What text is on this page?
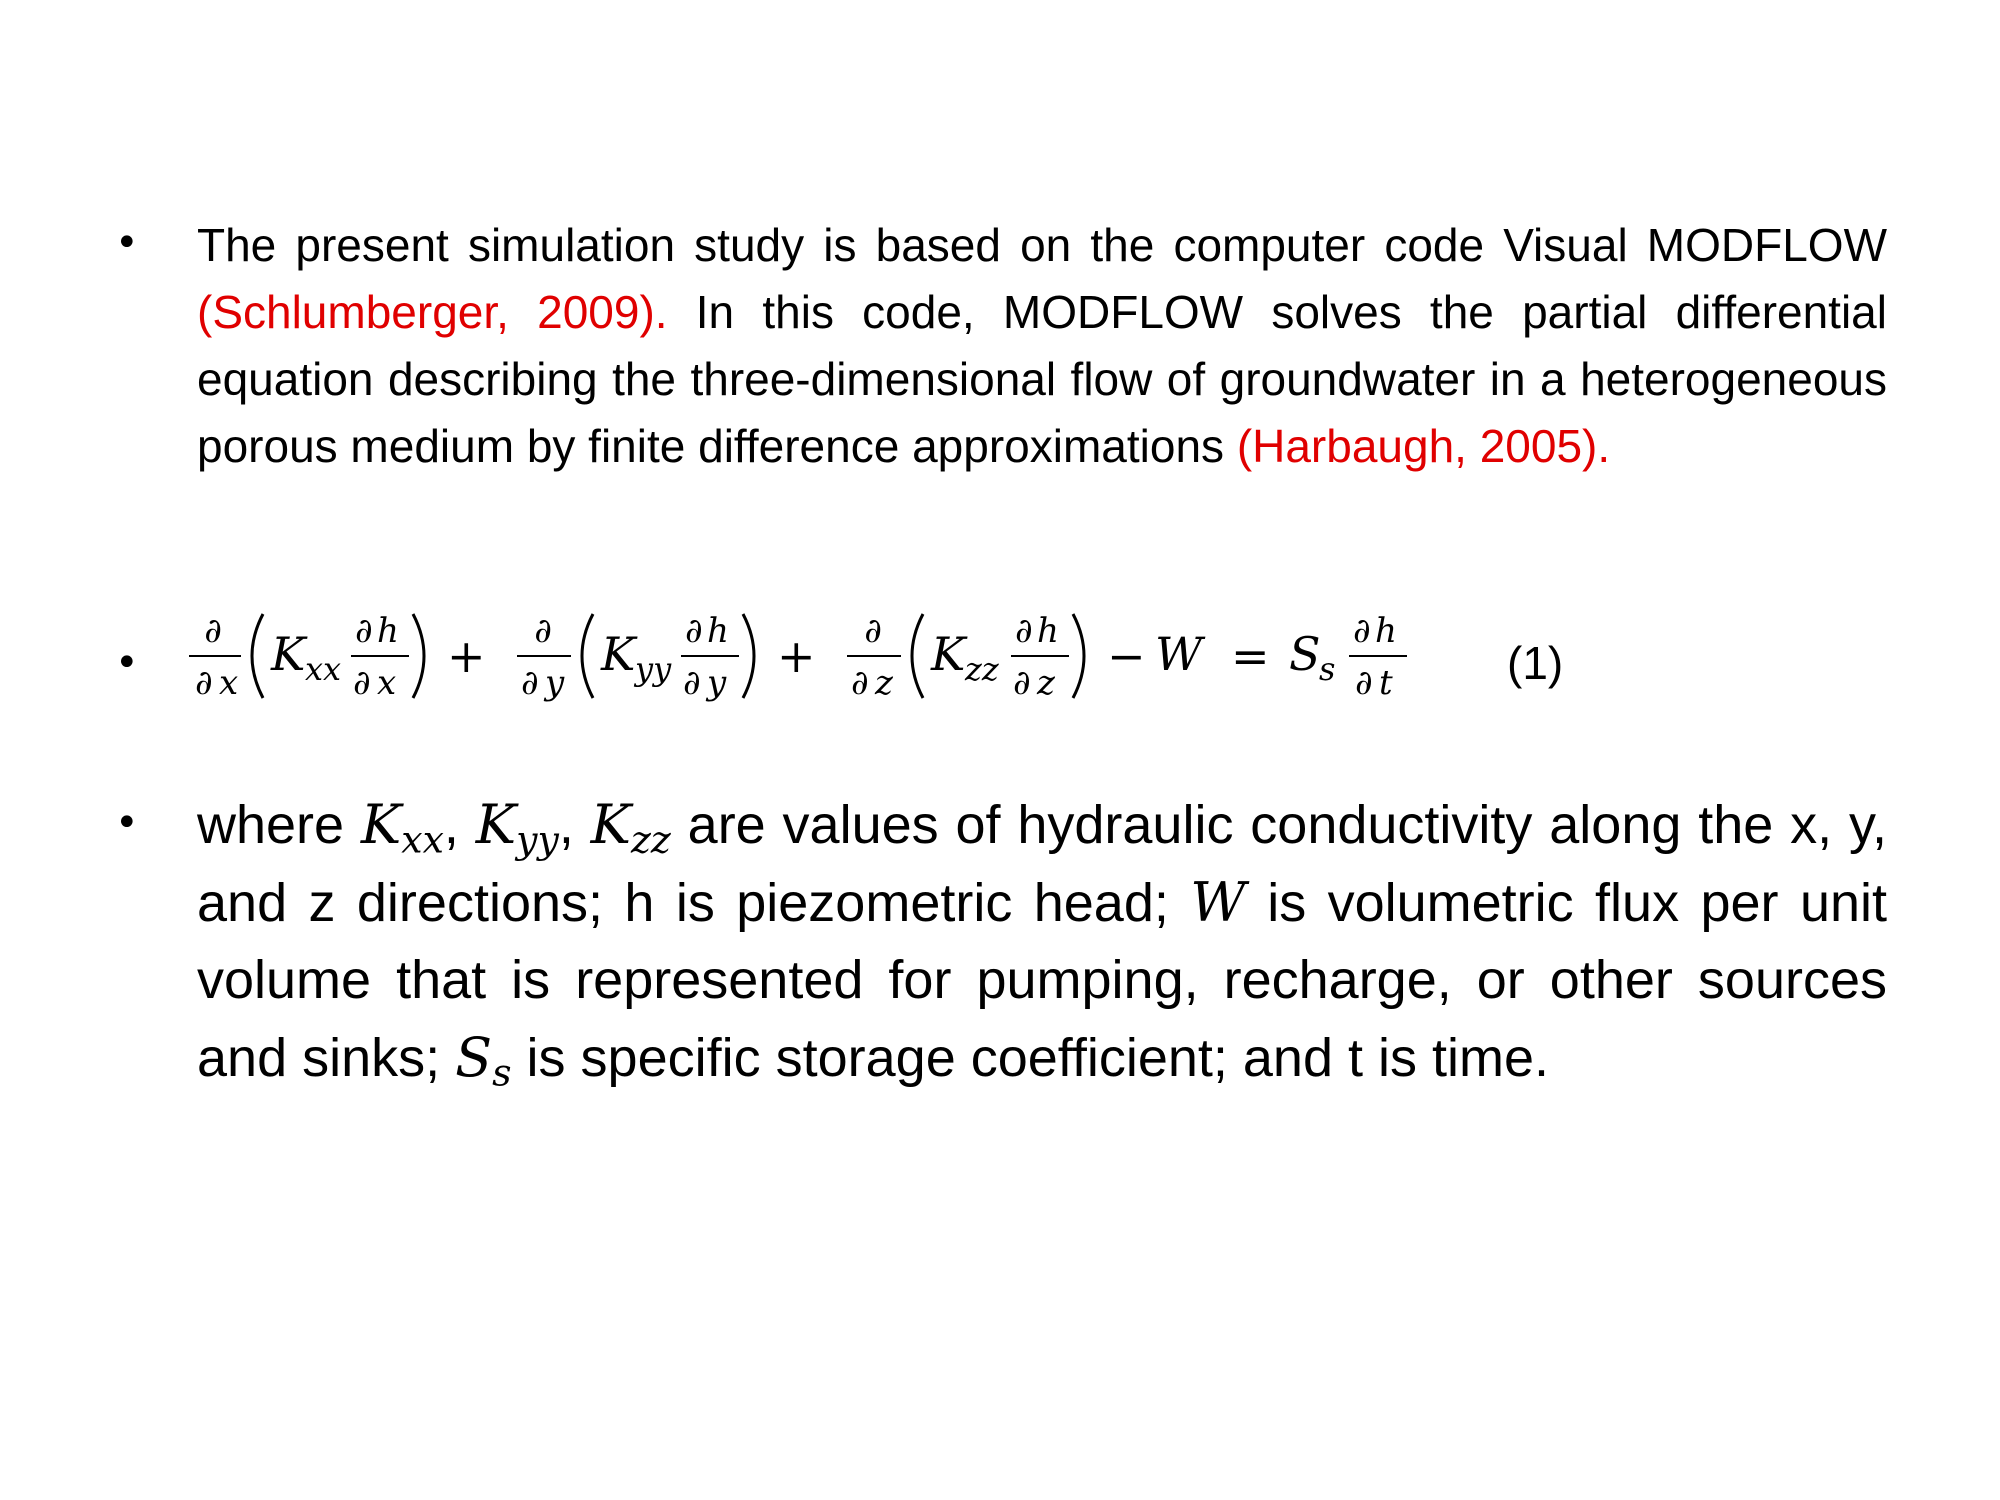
• The present simulation study is based on the computer code Visual MODFLOW (Schlumberger, 2009). In this code, MODFLOW solves the partial differential equation describing the three-dimensional flow of groundwater in a heterogeneous porous medium by finite difference approximations (Harbaugh, 2005).
•
∂
∂ x
K xx
∂ h
∂ x + ∂
∂ y
K yy
∂ h
∂ y + ∂
∂ z
K zz
∂ h
∂ z − W = S
s
∂ h
∂ t (1)
• where $K_{xx}$, $K_{yy}$, $K_{zz}$ are values of hydraulic conductivity along the x, y, and z directions; h is piezometric head; W is volumetric flux per unit volume that is represented for pumping, recharge, or other sources and sinks; $S_s$ is specific storage coefficient; and t is time.
